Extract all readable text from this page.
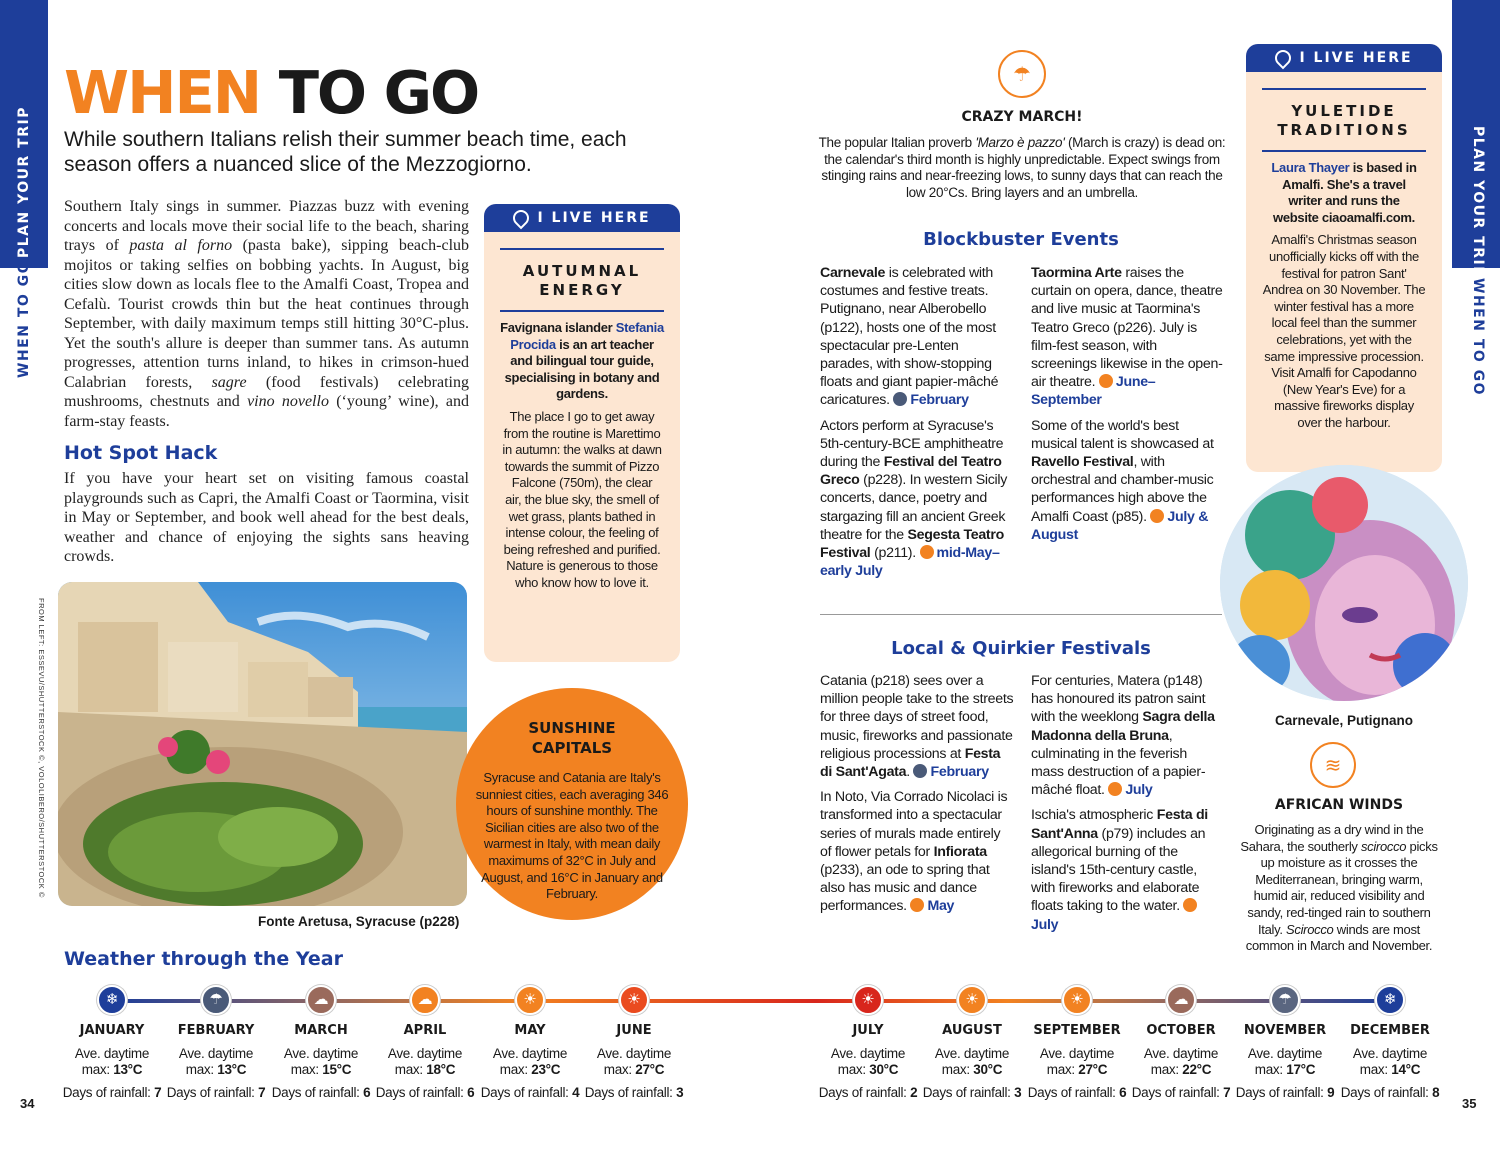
PLAN YOUR TRIP
WHEN TO GO
PLAN YOUR TRIP
WHEN TO GO
WHEN TO GO
While southern Italians relish their summer beach time, each season offers a nuanced slice of the Mezzogiorno.
Southern Italy sings in summer. Piazzas buzz with evening concerts and locals move their social life to the beach, sharing trays of pasta al forno (pasta bake), sipping beach-club mojitos or taking selfies on bobbing yachts. In August, big cities slow down as locals flee to the Amalfi Coast, Tropea and Cefalù. Tourist crowds thin but the heat continues through September, with daily maximum temps still hitting 30°C-plus. Yet the south's allure is deeper than summer tans. As autumn progresses, attention turns inland, to hikes in crimson-hued Calabrian forests, sagre (food festivals) celebrating mushrooms, chestnuts and vino novello (‘young’ wine), and farm-stay feasts.
Hot Spot Hack
If you have your heart set on visiting famous coastal playgrounds such as Capri, the Amalfi Coast or Taormina, visit in May or September, and book well ahead for the best deals, weather and chance of enjoying the sights sans heaving crowds.
FROM LEFT: ESSEVU/SHUTTERSTOCK ©, VOLOLIBERO/SHUTTERSTOCK ©
Fonte Aretusa, Syracuse (p228)
I LIVE HERE
AUTUMNAL ENERGY
Favignana islander Stefania Procida is an art teacher and bilingual tour guide, specialising in botany and gardens.
The place I go to get away from the routine is Marettimo in autumn: the walks at dawn towards the summit of Pizzo Falcone (750m), the clear air, the blue sky, the smell of wet grass, plants bathed in intense colour, the feeling of being refreshed and purified. Nature is generous to those who know how to love it.
SUNSHINE CAPITALS
Syracuse and Catania are Italy's sunniest cities, each averaging 346 hours of sunshine monthly. The Sicilian cities are also two of the warmest in Italy, with mean daily maximums of 32°C in July and August, and 16°C in January and February.
☂
CRAZY MARCH!
The popular Italian proverb 'Marzo è pazzo' (March is crazy) is dead on: the calendar's third month is highly unpredictable. Expect swings from stinging rains and near-freezing lows, to sunny days that can reach the low 20°Cs. Bring layers and an umbrella.
Blockbuster Events

Carnevale is celebrated with costumes and festive treats. Putignano, near Alberobello (p122), hosts one of the most spectacular pre-Lenten parades, with show-stopping floats and giant papier-mâché caricatures. February

Actors perform at Syracuse's 5th-century-BCE amphitheatre during the Festival del Teatro Greco (p228). In western Sicily concerts, dance, poetry and stargazing fill an ancient Greek theatre for the Segesta Teatro Festival (p211). mid-May–early July

Taormina Arte raises the curtain on opera, dance, theatre and live music at Taormina's Teatro Greco (p226). July is film-fest season, with screenings likewise in the open-air theatre. June–September

Some of the world's best musical talent is showcased at Ravello Festival, with orchestral and chamber-music performances high above the Amalfi Coast (p85). July & August

Local & Quirkier Festivals

Catania (p218) sees over a million people take to the streets for three days of street food, music, fireworks and passionate religious processions at Festa di Sant'Agata. February

In Noto, Via Corrado Nicolaci is transformed into a spectacular series of murals made entirely of flower petals for Infiorata (p233), an ode to spring that also has music and dance performances. May

For centuries, Matera (p148) has honoured its patron saint with the weeklong Sagra della Madonna della Bruna, culminating in the feverish mass destruction of a papier-mâché float. July

Ischia's atmospheric Festa di Sant'Anna (p79) includes an allegorical burning of the island's 15th-century castle, with fireworks and elaborate floats taking to the water. July

I LIVE HERE
YULETIDE TRADITIONS
Laura Thayer is based in Amalfi. She's a travel writer and runs the website ciaoamalfi.com.
Amalfi's Christmas season unofficially kicks off with the festival for patron Sant' Andrea on 30 November. The winter festival has a more local feel than the summer celebrations, yet with the same impressive procession. Visit Amalfi for Capodanno (New Year's Eve) for a massive fireworks display over the harbour.
Carnevale, Putignano
≋
AFRICAN WINDS
Originating as a dry wind in the Sahara, the southerly scirocco picks up moisture as it crosses the Mediterranean, bringing warm, humid air, reduced visibility and sandy, red-tinged rain to southern Italy. Scirocco winds are most common in March and November.
Weather through the Year
❄
JANUARY
Ave. daytime max: 13°C
Days of rainfall: 7
☂
FEBRUARY
Ave. daytime max: 13°C
Days of rainfall: 7
☁
MARCH
Ave. daytime max: 15°C
Days of rainfall: 6
☁
APRIL
Ave. daytime max: 18°C
Days of rainfall: 6
☀
MAY
Ave. daytime max: 23°C
Days of rainfall: 4
☀
JUNE
Ave. daytime max: 27°C
Days of rainfall: 3
☀
JULY
Ave. daytime max: 30°C
Days of rainfall: 2
☀
AUGUST
Ave. daytime max: 30°C
Days of rainfall: 3
☀
SEPTEMBER
Ave. daytime max: 27°C
Days of rainfall: 6
☁
OCTOBER
Ave. daytime max: 22°C
Days of rainfall: 7
☂
NOVEMBER
Ave. daytime max: 17°C
Days of rainfall: 9
❄
DECEMBER
Ave. daytime max: 14°C
Days of rainfall: 8
34	35
